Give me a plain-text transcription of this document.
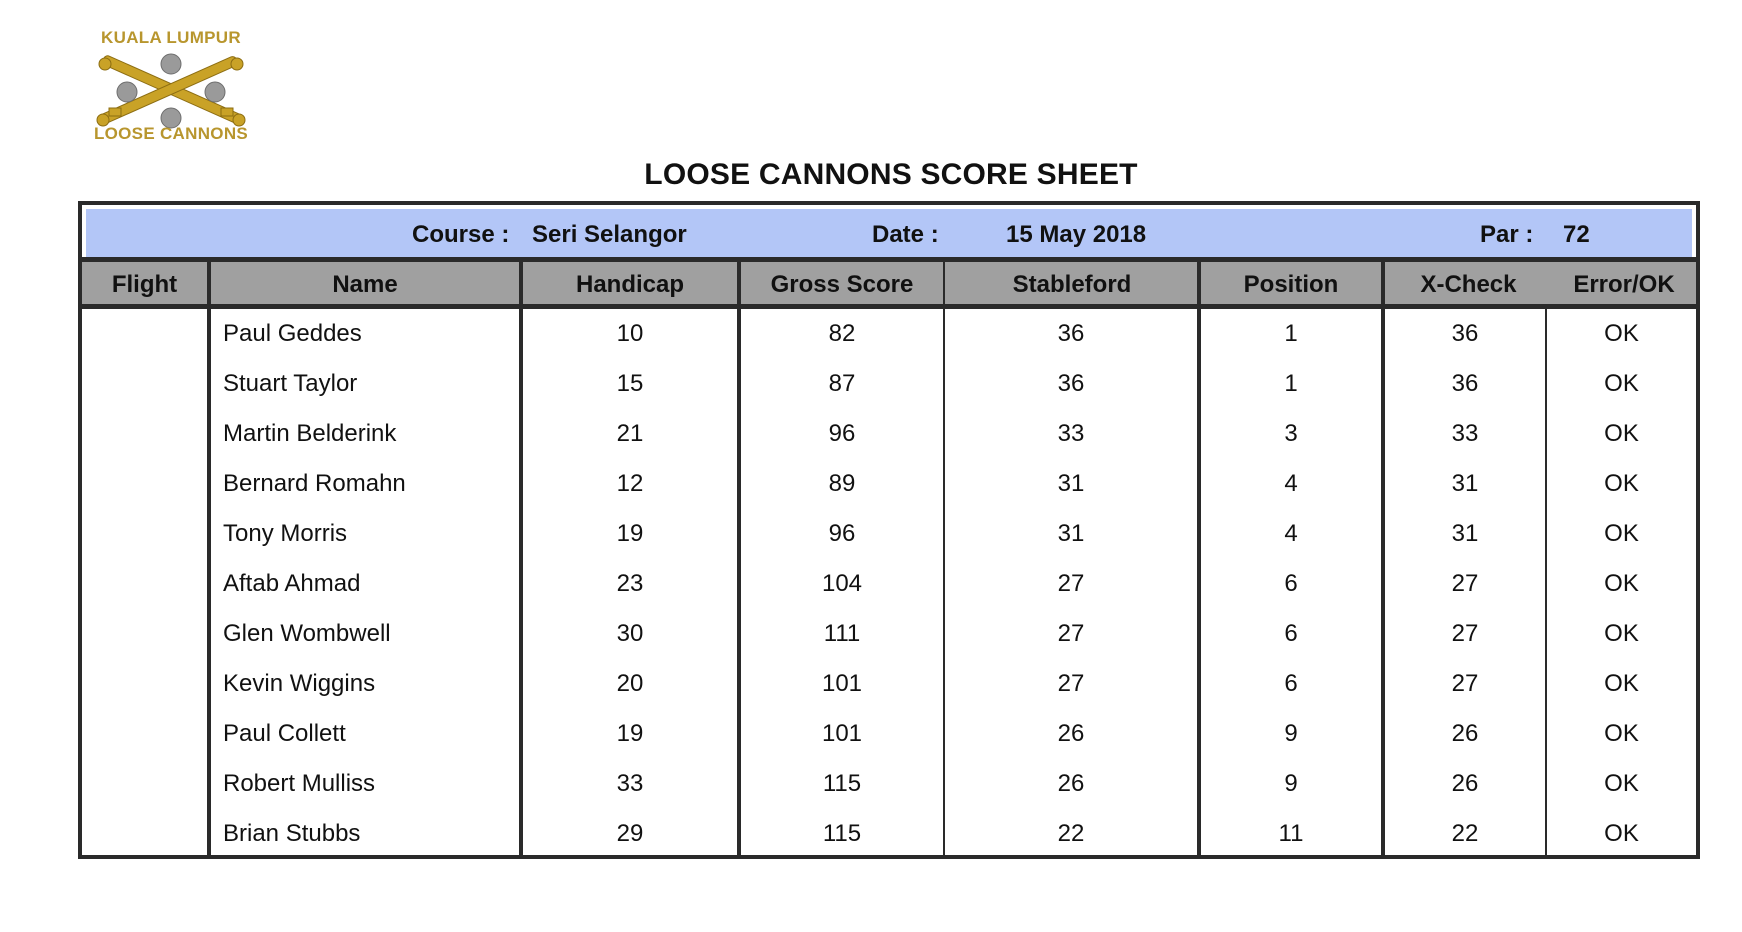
KUALA LUMPUR
LOOSE CANNONS
LOOSE CANNONS SCORE SHEET
Course : Seri Selangor	Date :	15 May 2018	Par : 72
Flight	Name	Handicap	Gross Score	Stableford	Position	X-Check	Error/OK
Paul Geddes	10	82	36	1	36	OK
Stuart Taylor	15	87	36	1	36	OK
Martin Belderink	21	96	33	3	33	OK
Bernard Romahn	12	89	31	4	31	OK
Tony Morris	19	96	31	4	31	OK
Aftab Ahmad	23	104	27	6	27	OK
Glen Wombwell	30	111	27	6	27	OK
Kevin Wiggins	20	101	27	6	27	OK
Paul Collett	19	101	26	9	26	OK
Robert Mulliss	33	115	26	9	26	OK
Brian Stubbs	29	115	22	11	22	OK
